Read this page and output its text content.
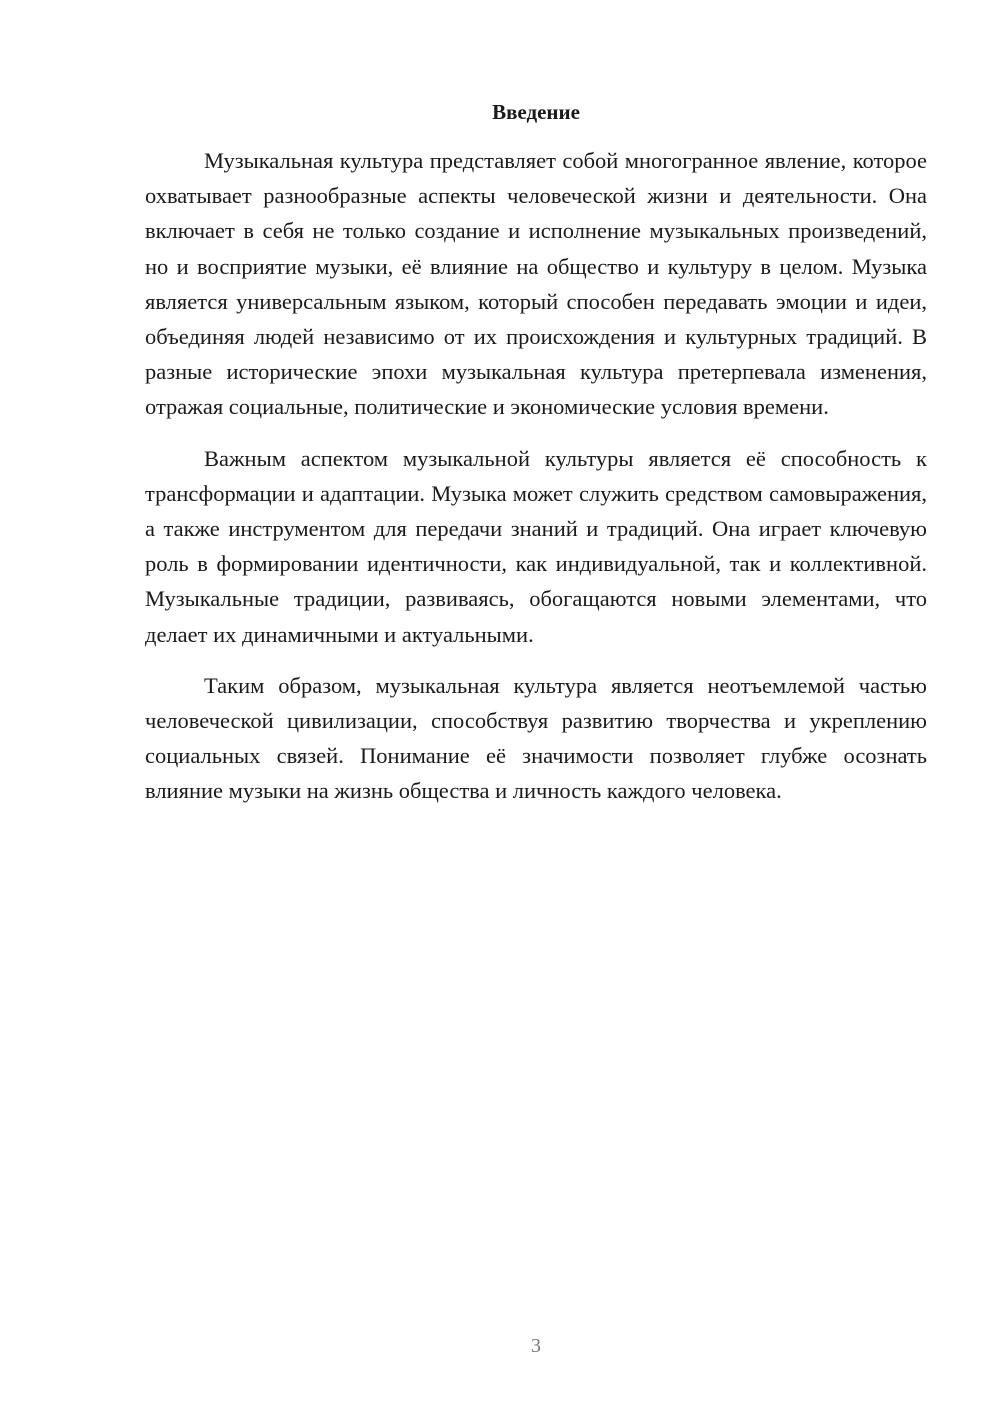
Введение

Музыкальная культура представляет собой многогранное явление, которое охватывает разнообразные аспекты человеческой жизни и деятельности. Она включает в себя не только создание и исполнение музыкальных произведений, но и восприятие музыки, её влияние на общество и культуру в целом. Музыка является универсальным языком, который способен передавать эмоции и идеи, объединяя людей независимо от их происхождения и культурных традиций. В разные исторические эпохи музыкальная культура претерпевала изменения, отражая социальные, политические и экономические условия времени.

Важным аспектом музыкальной культуры является её способность к трансформации и адаптации. Музыка может служить средством самовыражения, а также инструментом для передачи знаний и традиций. Она играет ключевую роль в формировании идентичности, как индивидуальной, так и коллективной. Музыкальные традиции, развиваясь, обогащаются новыми элементами, что делает их динамичными и актуальными.

Таким образом, музыкальная культура является неотъемлемой частью человеческой цивилизации, способствуя развитию творчества и укреплению социальных связей. Понимание её значимости позволяет глубже осознать влияние музыки на жизнь общества и личность каждого человека.

3
